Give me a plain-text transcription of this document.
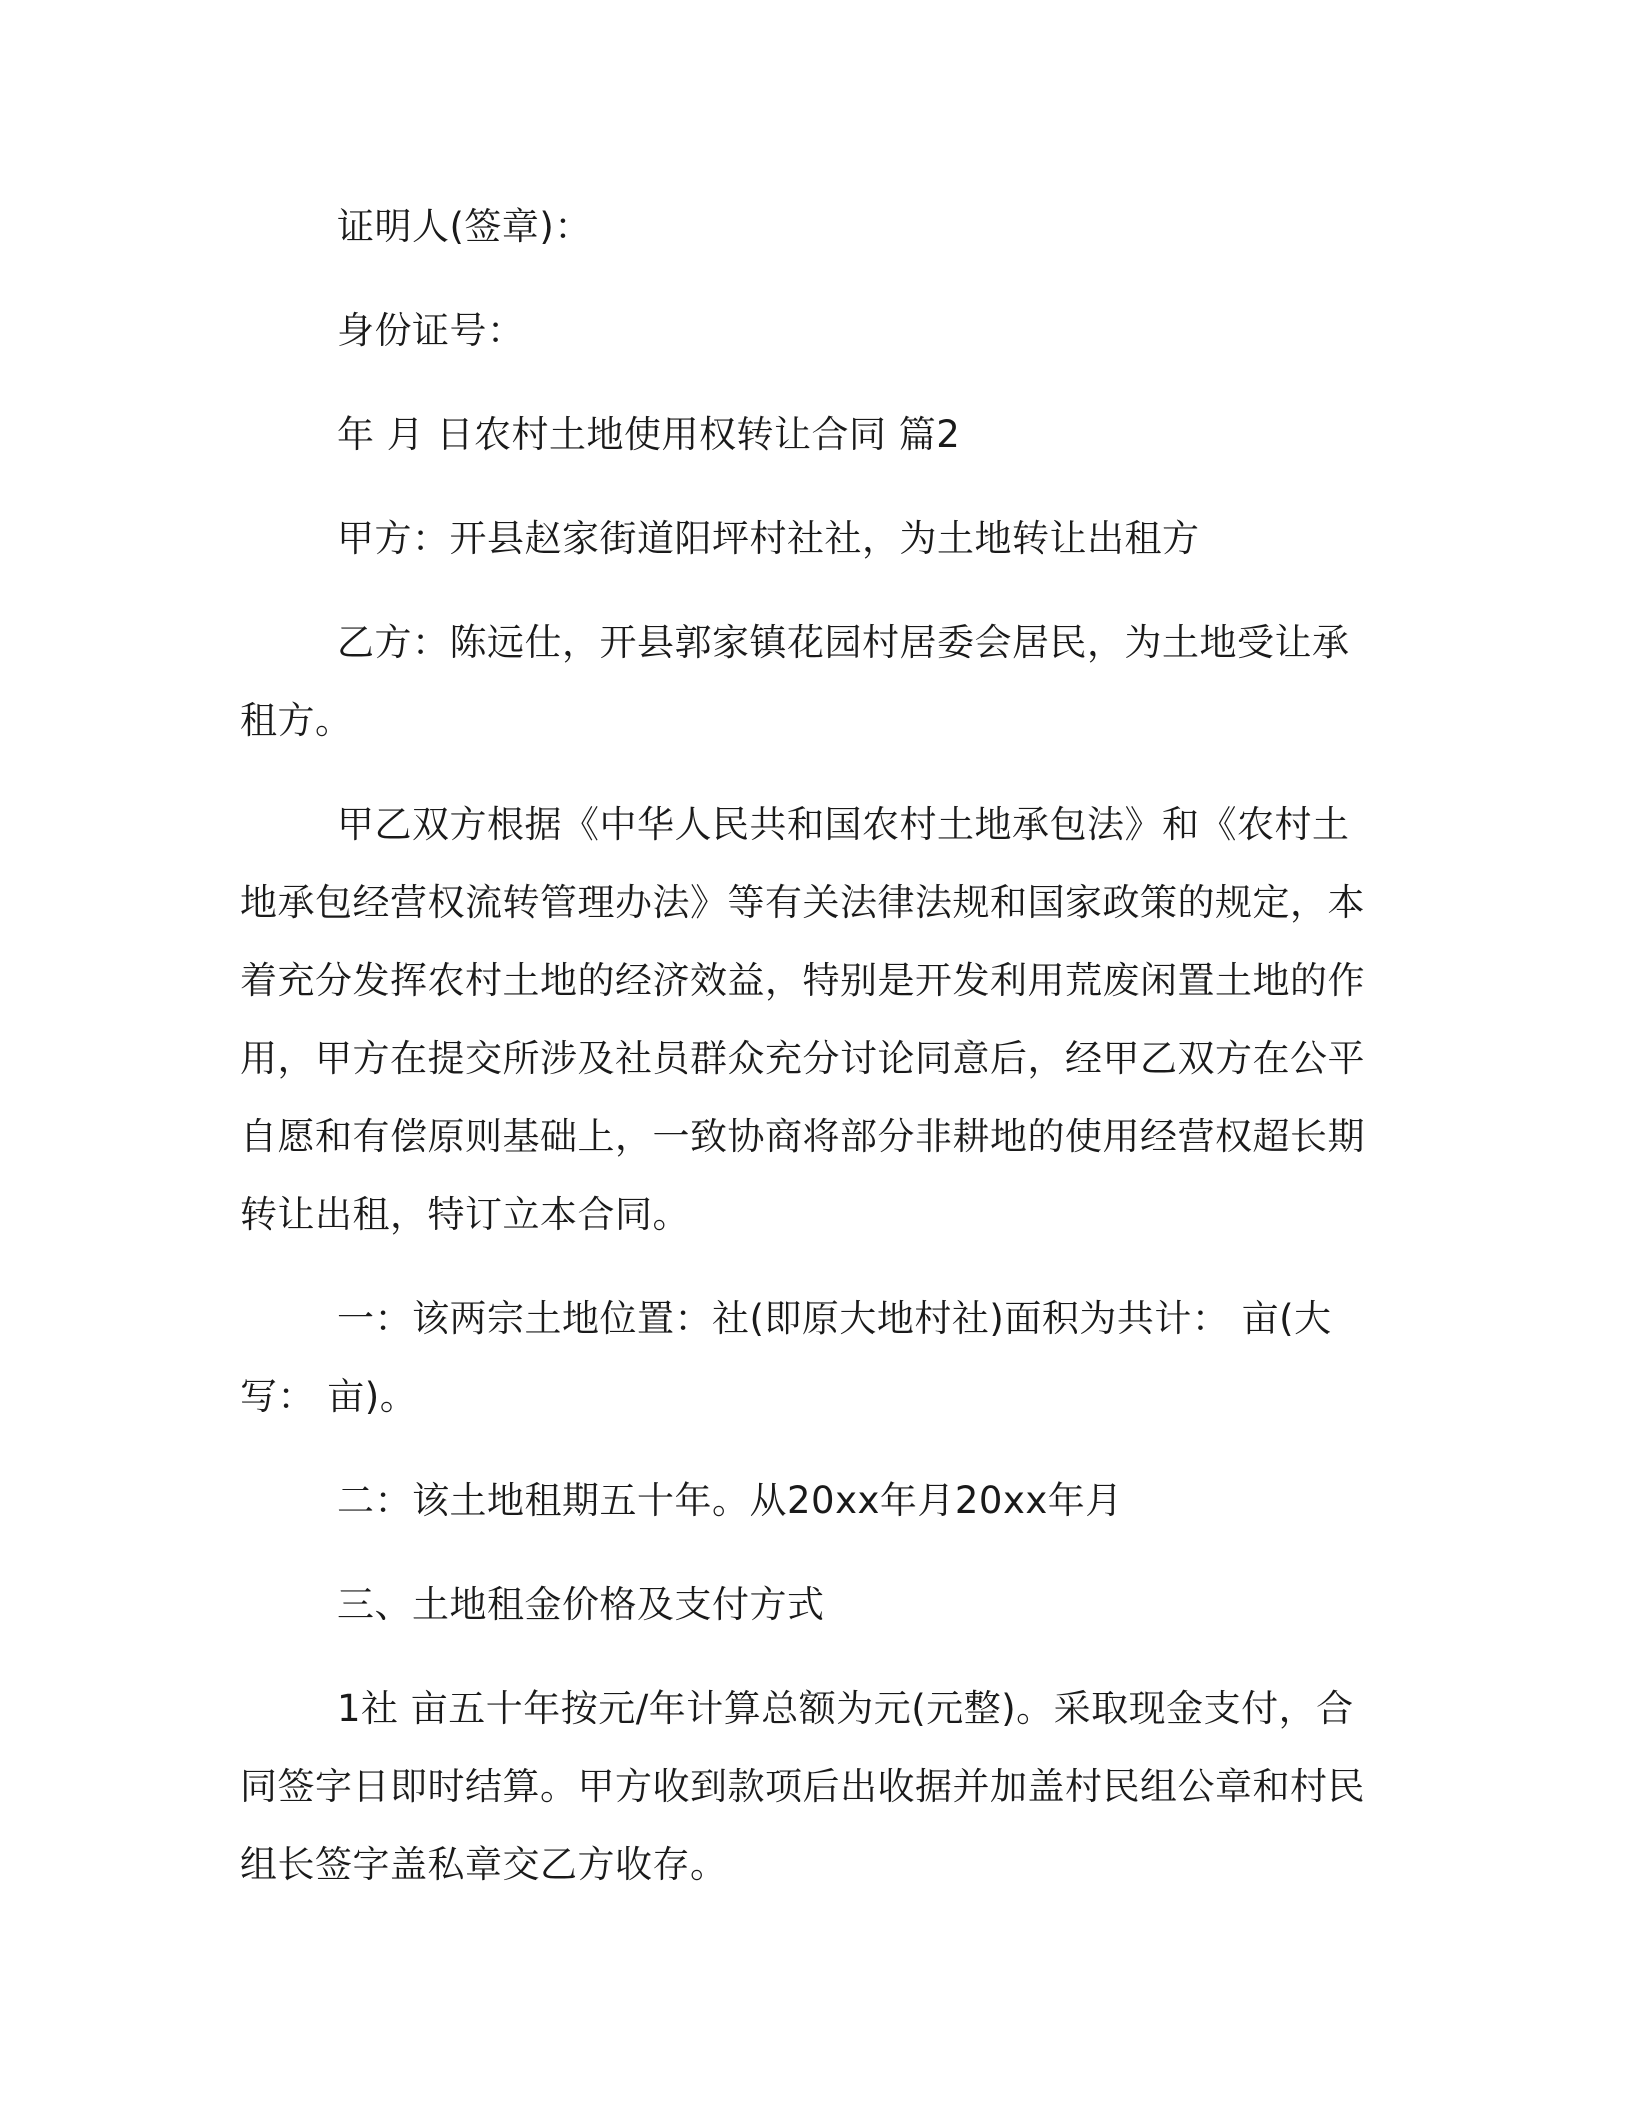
证明人(签章)：

身份证号：

年 月 日农村土地使用权转让合同 篇2

甲方：开县赵家街道阳坪村社社，为土地转让出租方

乙方：陈远仕，开县郭家镇花园村居委会居民，为土地受让承租方。

甲乙双方根据《中华人民共和国农村土地承包法》和《农村土地承包经营权流转管理办法》等有关法律法规和国家政策的规定，本着充分发挥农村土地的经济效益，特别是开发利用荒废闲置土地的作用，甲方在提交所涉及社员群众充分讨论同意后，经甲乙双方在公平自愿和有偿原则基础上，一致协商将部分非耕地的使用经营权超长期转让出租，特订立本合同。

一：该两宗土地位置：社(即原大地村社)面积为共计： 亩(大写： 亩)。

二：该土地租期五十年。从20xx年月20xx年月

三、土地租金价格及支付方式

1社 亩五十年按元/年计算总额为元(元整)。采取现金支付，合同签字日即时结算。甲方收到款项后出收据并加盖村民组公章和村民组长签字盖私章交乙方收存。
